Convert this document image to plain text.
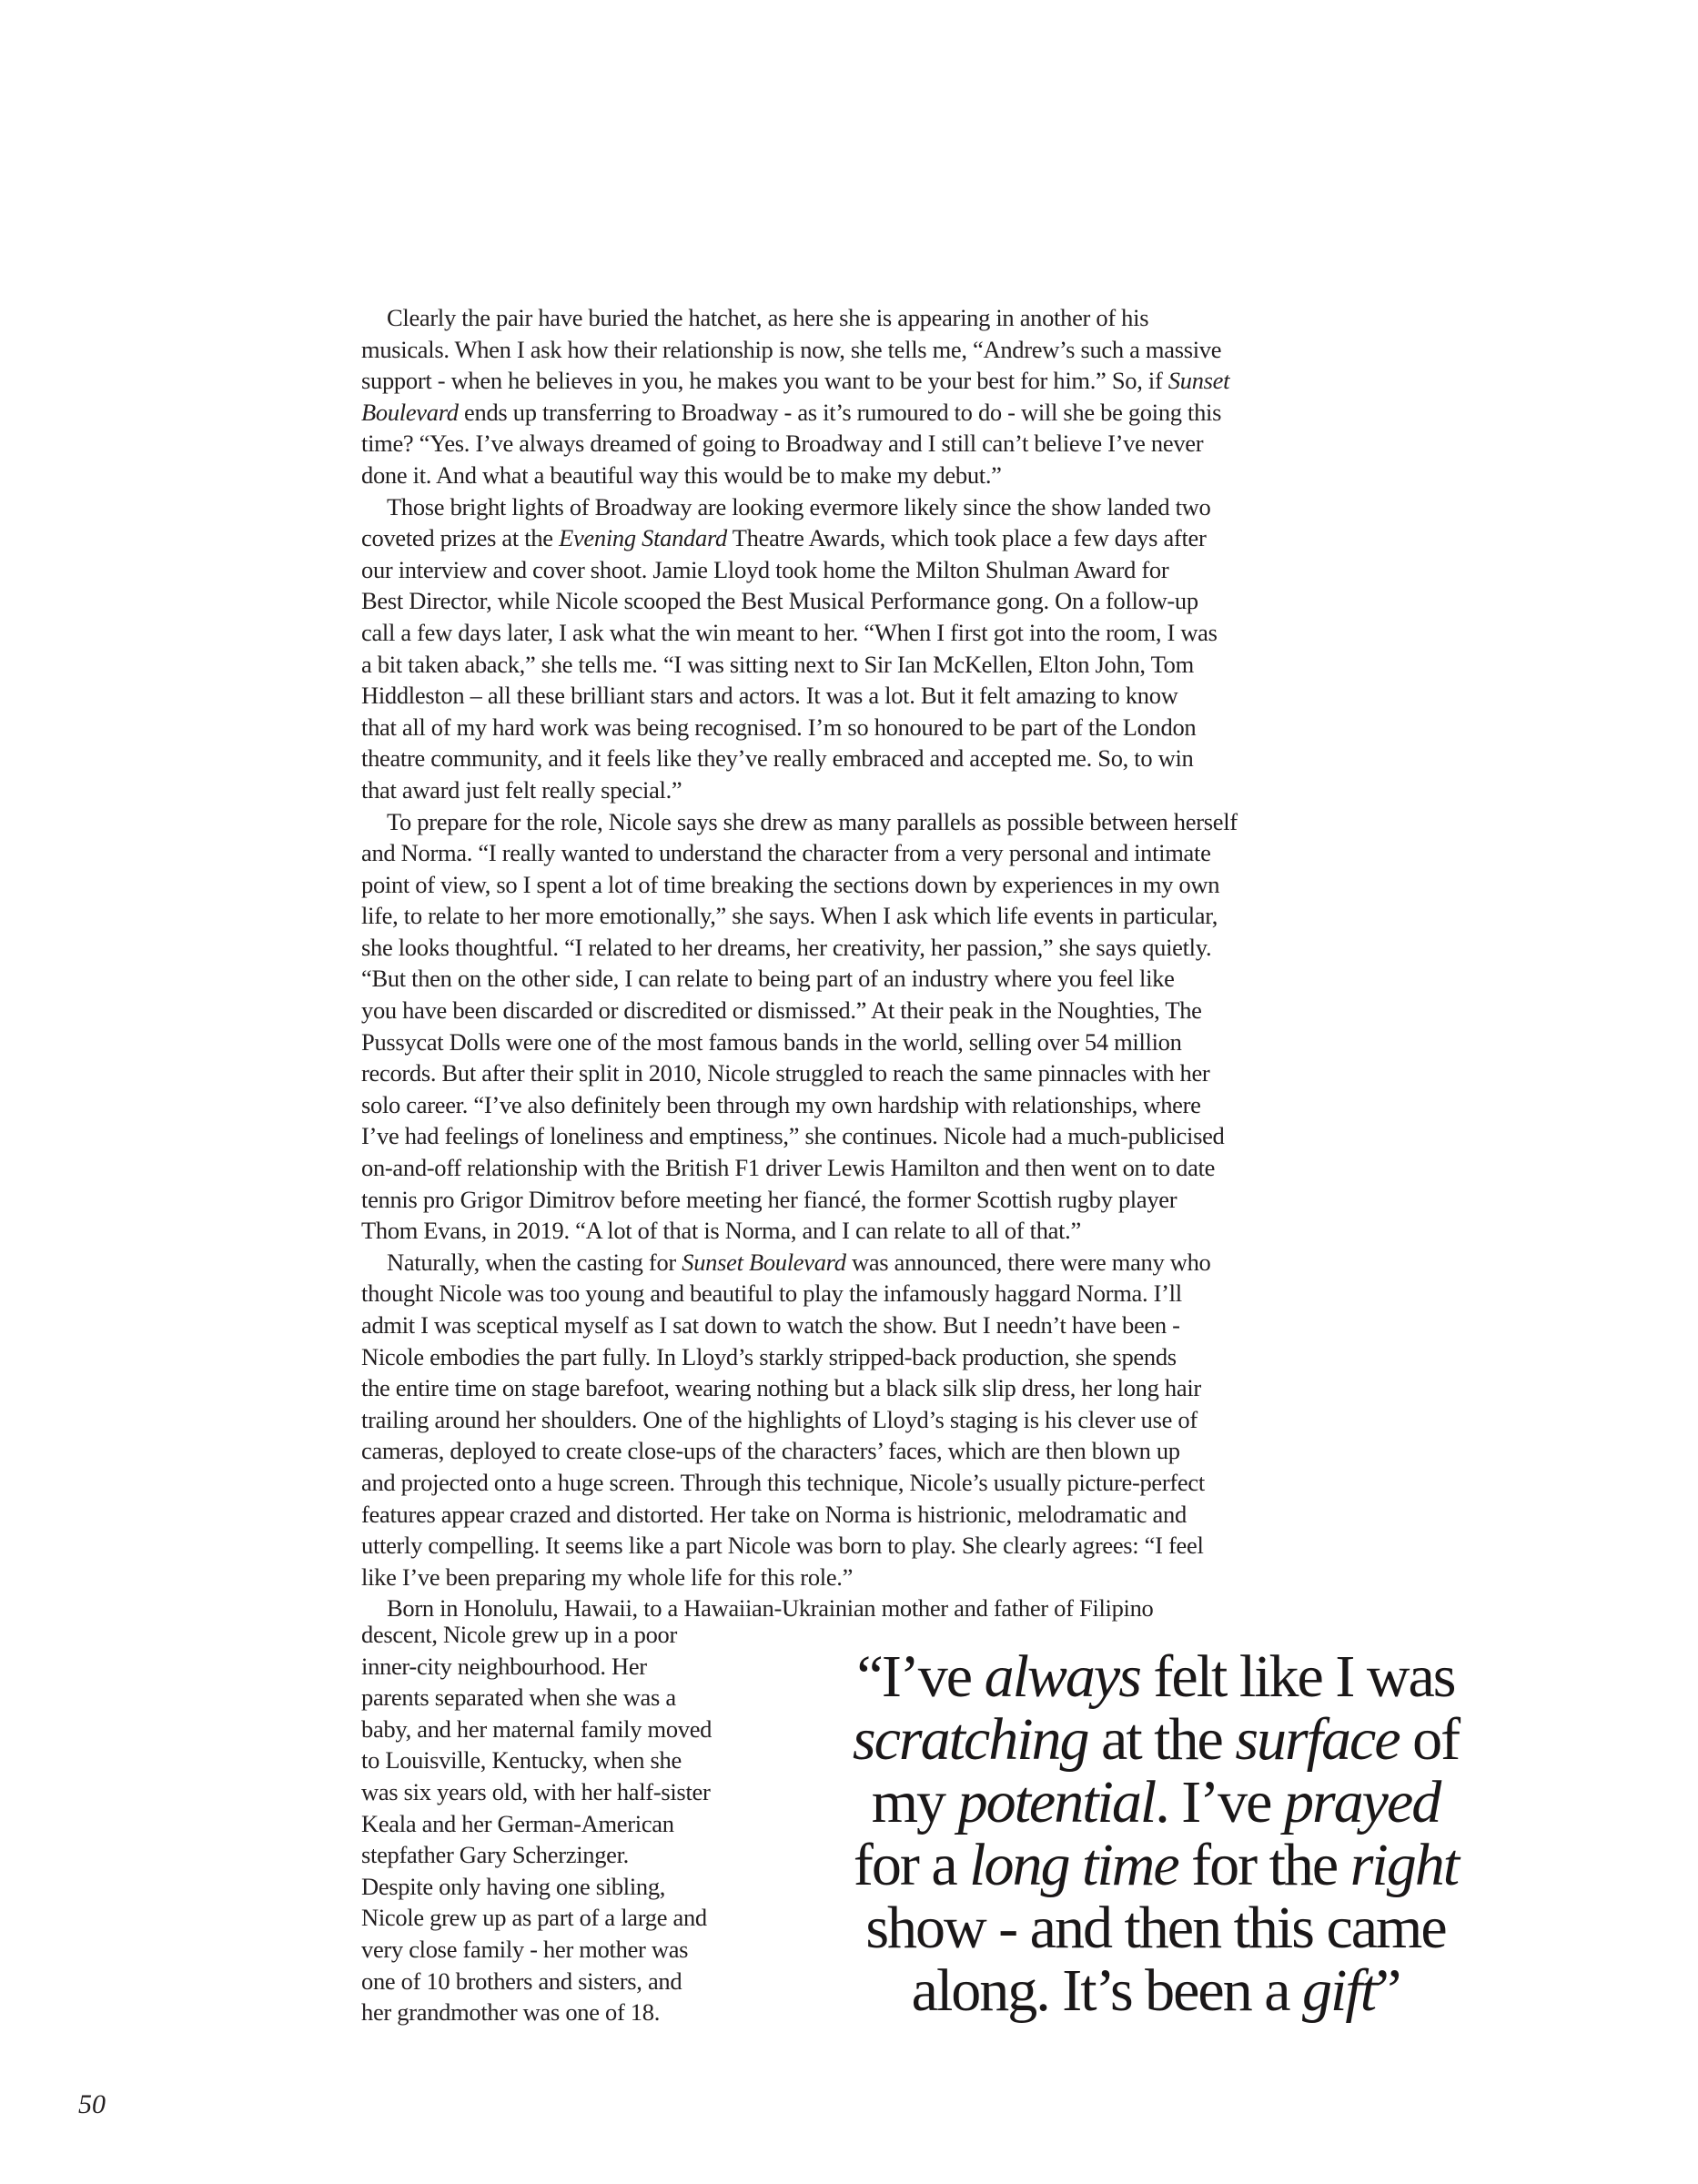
Clearly the pair have buried the hatchet, as here she is appearing in another of his
musicals. When I ask how their relationship is now, she tells me, “Andrew’s such a massive
support - when he believes in you, he makes you want to be your best for him.” So, if Sunset
Boulevard ends up transferring to Broadway - as it’s rumoured to do - will she be going this
time? “Yes. I’ve always dreamed of going to Broadway and I still can’t believe I’ve never
done it. And what a beautiful way this would be to make my debut.”
Those bright lights of Broadway are looking evermore likely since the show landed two
coveted prizes at the Evening Standard Theatre Awards, which took place a few days after
our interview and cover shoot. Jamie Lloyd took home the Milton Shulman Award for
Best Director, while Nicole scooped the Best Musical Performance gong. On a follow-up
call a few days later, I ask what the win meant to her. “When I first got into the room, I was
a bit taken aback,” she tells me. “I was sitting next to Sir Ian McKellen, Elton John, Tom
Hiddleston – all these brilliant stars and actors. It was a lot. But it felt amazing to know
that all of my hard work was being recognised. I’m so honoured to be part of the London
theatre community, and it feels like they’ve really embraced and accepted me. So, to win
that award just felt really special.”
To prepare for the role, Nicole says she drew as many parallels as possible between herself
and Norma. “I really wanted to understand the character from a very personal and intimate
point of view, so I spent a lot of time breaking the sections down by experiences in my own
life, to relate to her more emotionally,” she says. When I ask which life events in particular,
she looks thoughtful. “I related to her dreams, her creativity, her passion,” she says quietly.
“But then on the other side, I can relate to being part of an industry where you feel like
you have been discarded or discredited or dismissed.” At their peak in the Noughties, The
Pussycat Dolls were one of the most famous bands in the world, selling over 54 million
records. But after their split in 2010, Nicole struggled to reach the same pinnacles with her
solo career. “I’ve also definitely been through my own hardship with relationships, where
I’ve had feelings of loneliness and emptiness,” she continues. Nicole had a much-publicised
on-and-off relationship with the British F1 driver Lewis Hamilton and then went on to date
tennis pro Grigor Dimitrov before meeting her fiancé, the former Scottish rugby player
Thom Evans, in 2019. “A lot of that is Norma, and I can relate to all of that.”
Naturally, when the casting for Sunset Boulevard was announced, there were many who
thought Nicole was too young and beautiful to play the infamously haggard Norma. I’ll
admit I was sceptical myself as I sat down to watch the show. But I needn’t have been -
Nicole embodies the part fully. In Lloyd’s starkly stripped-back production, she spends
the entire time on stage barefoot, wearing nothing but a black silk slip dress, her long hair
trailing around her shoulders. One of the highlights of Lloyd’s staging is his clever use of
cameras, deployed to create close-ups of the characters’ faces, which are then blown up
and projected onto a huge screen. Through this technique, Nicole’s usually picture-perfect
features appear crazed and distorted. Her take on Norma is histrionic, melodramatic and
utterly compelling. It seems like a part Nicole was born to play. She clearly agrees: “I feel
like I’ve been preparing my whole life for this role.”
Born in Honolulu, Hawaii, to a Hawaiian-Ukrainian mother and father of Filipino
descent, Nicole grew up in a poor
inner-city neighbourhood. Her
parents separated when she was a
baby, and her maternal family moved
to Louisville, Kentucky, when she
was six years old, with her half-sister
Keala and her German-American
stepfather Gary Scherzinger.
Despite only having one sibling,
Nicole grew up as part of a large and
very close family - her mother was
one of 10 brothers and sisters, and
her grandmother was one of 18.
“I’ve always felt like I was
scratching at the surface of
my potential. I’ve prayed
for a long time for the right
show - and then this came
along. It’s been a gift”
50
